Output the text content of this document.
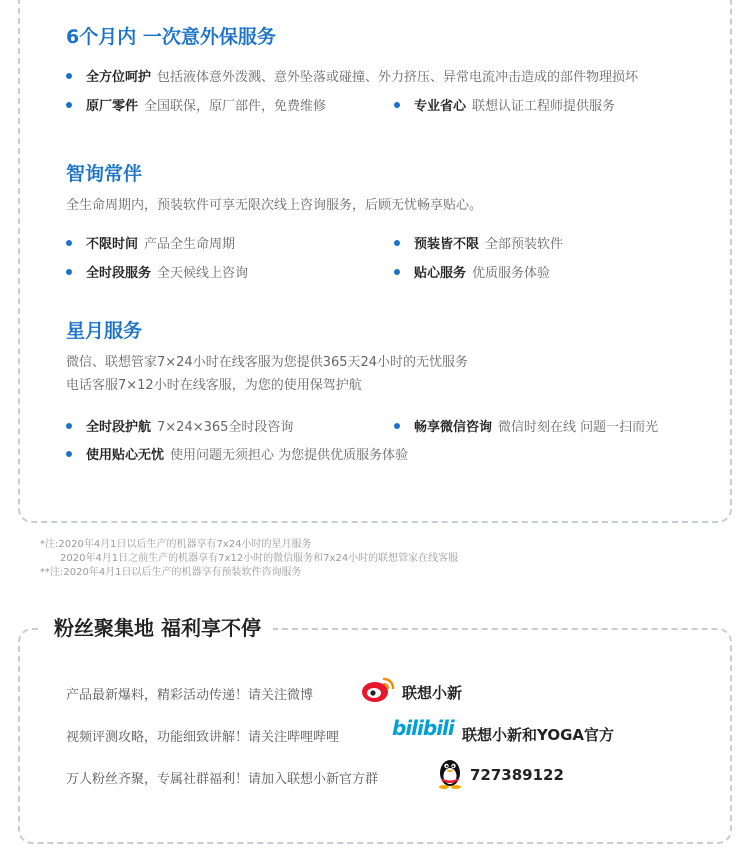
6个月内 一次意外保服务
全方位呵护 包括液体意外泼溅、意外坠落或碰撞、外力挤压、异常电流冲击造成的部件物理损坏
原厂零件 全国联保，原厂部件，免费维修	专业省心 联想认证工程师提供服务
智询常伴
全生命周期内，预装软件可享无限次线上咨询服务，后顾无忧畅享贴心。
不限时间 产品全生命周期	预装皆不限 全部预装软件
全时段服务 全天候线上咨询	贴心服务 优质服务体验
星月服务
微信、联想管家7×24小时在线客服为您提供365天24小时的无忧服务
电话客服7×12小时在线客服，为您的使用保驾护航
全时段护航 7×24×365全时段咨询	畅享微信咨询 微信时刻在线 问题一扫而光
使用贴心无忧 使用问题无须担心 为您提供优质服务体验
*注:2020年4月1日以后生产的机器享有7x24小时的星月服务
2020年4月1日之前生产的机器享有7x12小时的微信服务和7x24小时的联想管家在线客服
**注:2020年4月1日以后生产的机器享有预装软件咨询服务
粉丝聚集地 福利享不停
产品最新爆料，精彩活动传递！请关注微博	联想小新
视频评测攻略，功能细致讲解！请关注哔哩哔哩	bilibili 联想小新和YOGA官方
万人粉丝齐聚，专属社群福利！请加入联想小新官方群	727389122
